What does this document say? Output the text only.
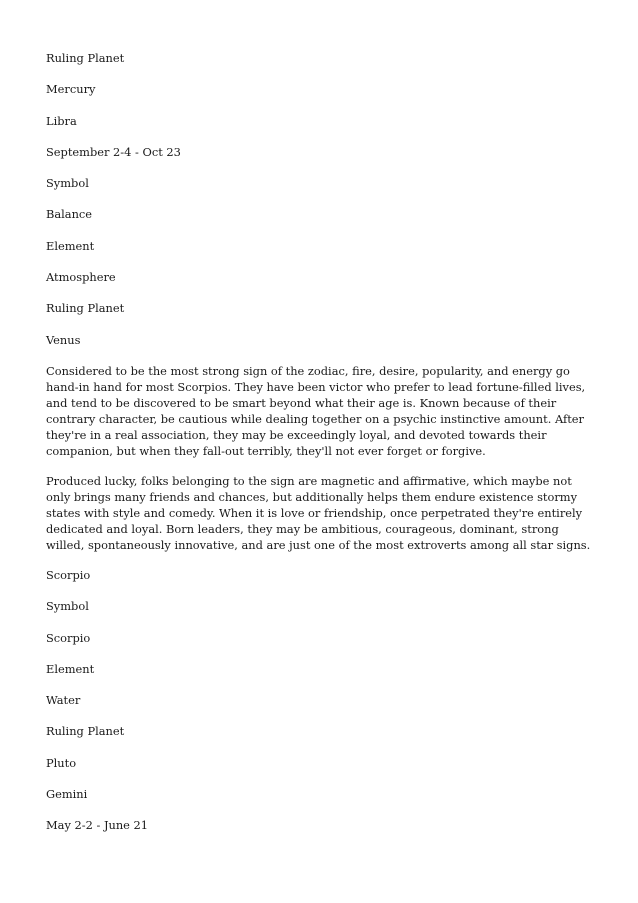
Ruling Planet

Mercury

Libra

September 2-4 - Oct 23

Symbol

Balance

Element

Atmosphere

Ruling Planet

Venus

Considered to be the most strong sign of the zodiac, fire, desire, popularity, and energy go hand-in hand for most Scorpios. They have been victor who prefer to lead fortune-filled lives, and tend to be discovered to be smart beyond what their age is. Known because of their contrary character, be cautious while dealing together on a psychic instinctive amount. After they're in a real association, they may be exceedingly loyal, and devoted towards their companion, but when they fall-out terribly, they'll not ever forget or forgive.

Produced lucky, folks belonging to the sign are magnetic and affirmative, which maybe not only brings many friends and chances, but additionally helps them endure existence stormy states with style and comedy. When it is love or friendship, once perpetrated they're entirely dedicated and loyal. Born leaders, they may be ambitious, courageous, dominant, strong willed, spontaneously innovative, and are just one of the most extroverts among all star signs.

Scorpio

Symbol

Scorpio

Element

Water

Ruling Planet

Pluto

Gemini

May 2-2 - June 21
